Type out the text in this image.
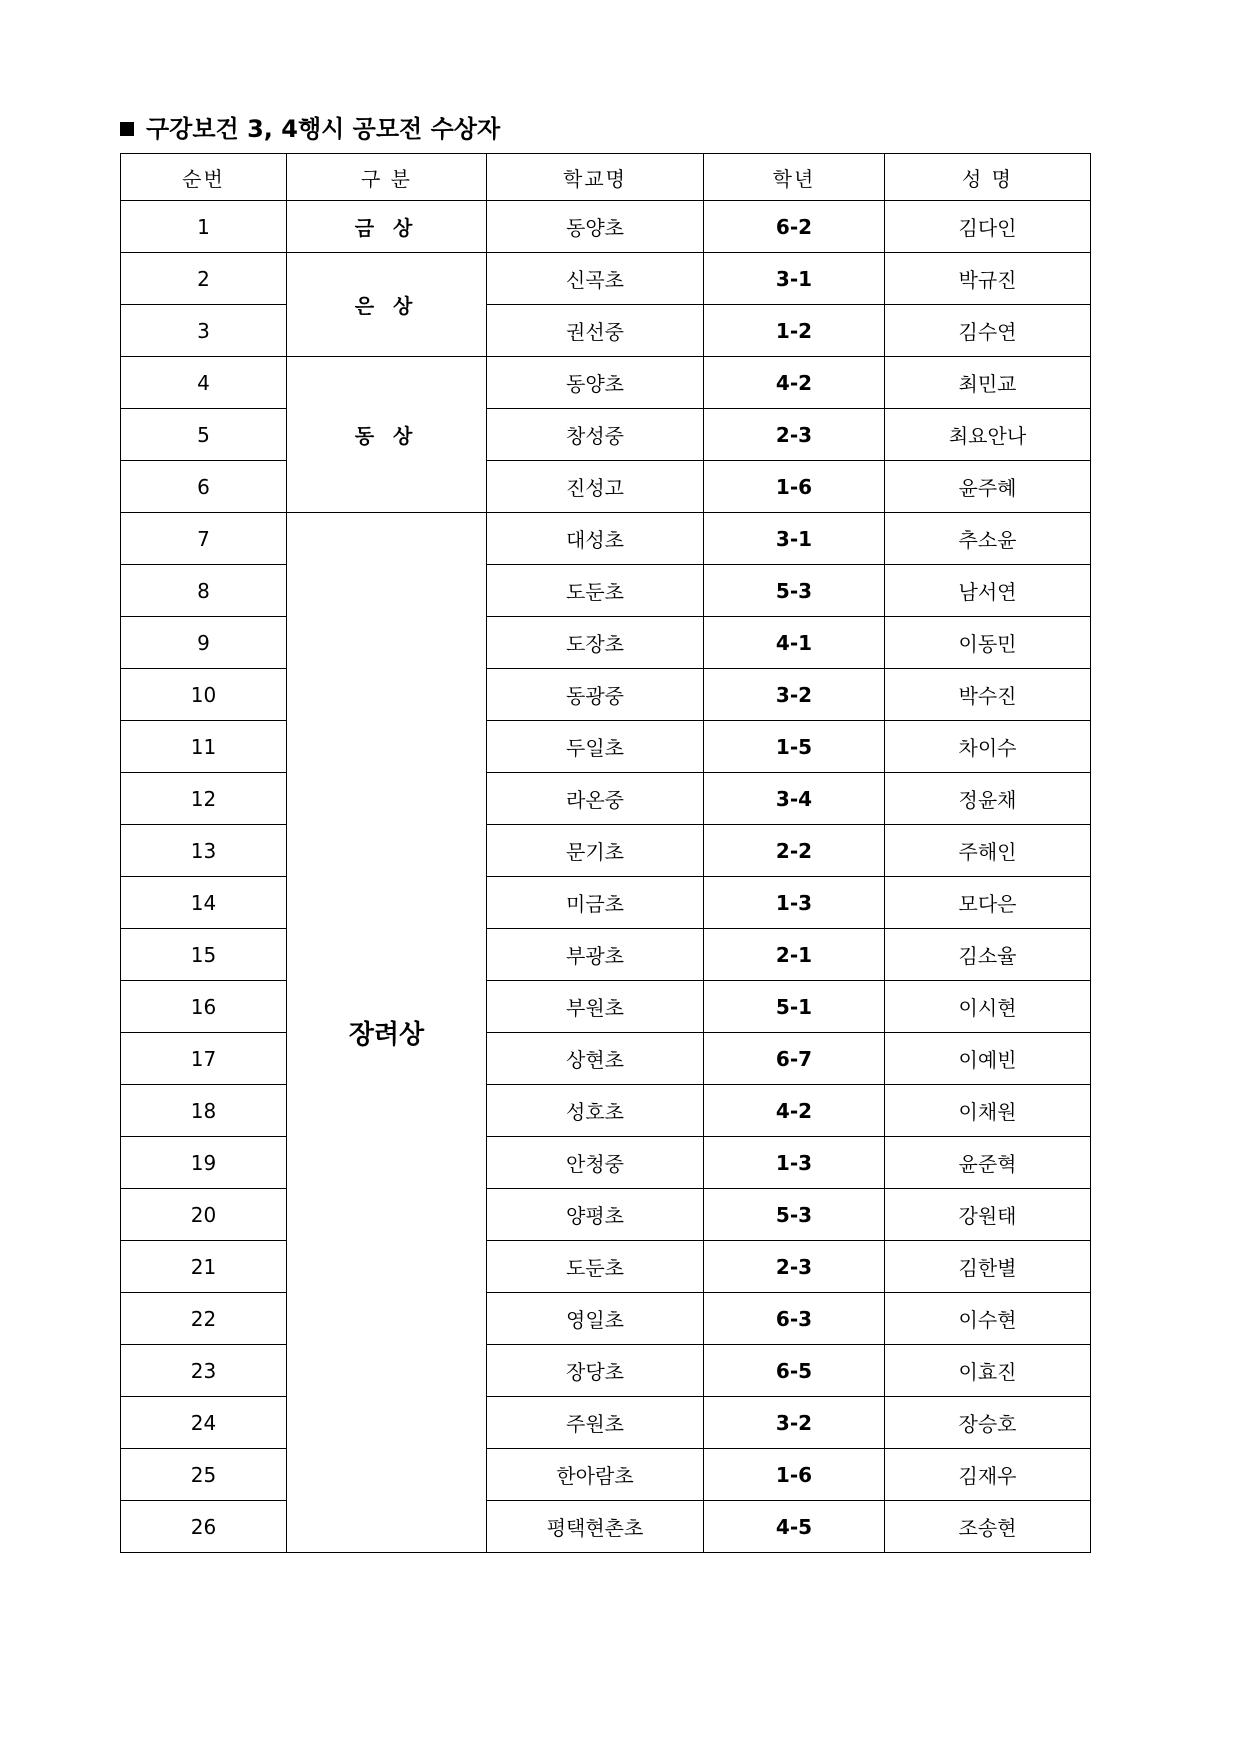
구강보건 3, 4행시 공모전 수상자
순번	구 분	학교명	학년	성 명
1	금 상	동양초	6-2	김다인
2	은 상	신곡초	3-1	박규진
3		권선중	1-2	김수연
4	동 상	동양초	4-2	최민교
5		창성중	2-3	최요안나
6		진성고	1-6	윤주혜
7	장려상	대성초	3-1	추소윤
8		도둔초	5-3	남서연
9		도장초	4-1	이동민
10		동광중	3-2	박수진
11		두일초	1-5	차이수
12		라온중	3-4	정윤채
13		문기초	2-2	주해인
14		미금초	1-3	모다은
15		부광초	2-1	김소율
16		부원초	5-1	이시현
17		상현초	6-7	이예빈
18		성호초	4-2	이채원
19		안청중	1-3	윤준혁
20		양평초	5-3	강원태
21		도둔초	2-3	김한별
22		영일초	6-3	이수현
23		장당초	6-5	이효진
24		주원초	3-2	장승호
25		한아람초	1-6	김재우
26		평택현촌초	4-5	조송현
